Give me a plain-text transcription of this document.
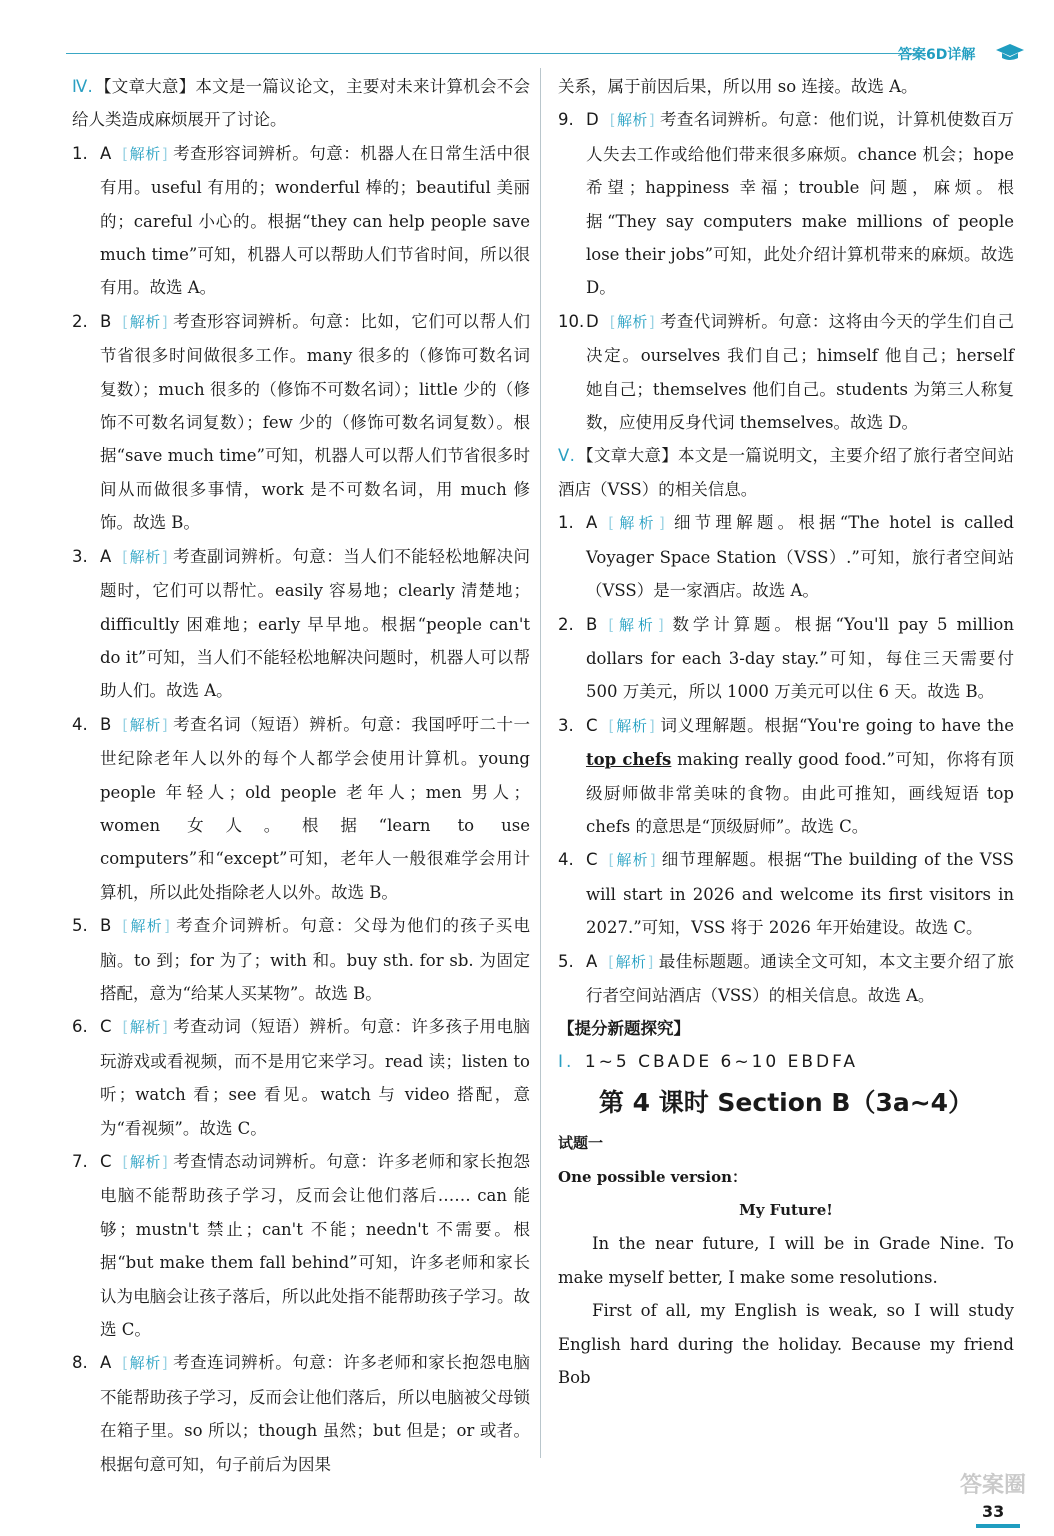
答案6D详解

Ⅳ. 【文章大意】本文是一篇议论文，主要对未来计算机会不会给人类造成麻烦展开了讨论。

1. A [ 解析 ] 考查形容词辨析。句意：机器人在日常生活中很有用。useful 有用的；wonderful 棒的；beautiful 美丽的；careful 小心的。根据“they can help people save much time”可知，机器人可以帮助人们节省时间，所以很有用。故选 A。
2. B [ 解析 ] 考查形容词辨析。句意：比如，它们可以帮人们节省很多时间做很多工作。many 很多的（修饰可数名词复数）；much 很多的（修饰不可数名词）；little 少的（修饰不可数名词复数）；few 少的（修饰可数名词复数）。根据“save much time”可知，机器人可以帮人们节省很多时间从而做很多事情，work 是不可数名词，用 much 修饰。故选 B。
3. A [ 解析 ] 考查副词辨析。句意：当人们不能轻松地解决问题时，它们可以帮忙。easily 容易地；clearly 清楚地；difficultly 困难地；early 早早地。根据“people can't do it”可知，当人们不能轻松地解决问题时，机器人可以帮助人们。故选 A。
4. B [ 解析 ] 考查名词（短语）辨析。句意：我国呼吁二十一世纪除老年人以外的每个人都学会使用计算机。young people 年轻人；old people 老年人；men 男人；women 女人。根据“learn to use computers”和“except”可知，老年人一般很难学会用计算机，所以此处指除老人以外。故选 B。
5. B [ 解析 ] 考查介词辨析。句意：父母为他们的孩子买电脑。to 到；for 为了；with 和。buy sth. for sb. 为固定搭配，意为“给某人买某物”。故选 B。
6. C [ 解析 ] 考查动词（短语）辨析。句意：许多孩子用电脑玩游戏或看视频，而不是用它来学习。read 读；listen to 听；watch 看；see 看见。watch 与 video 搭配，意为“看视频”。故选 C。
7. C [ 解析 ] 考查情态动词辨析。句意：许多老师和家长抱怨电脑不能帮助孩子学习，反而会让他们落后…… can 能够；mustn't 禁止；can't 不能；needn't 不需要。根据“but make them fall behind”可知，许多老师和家长认为电脑会让孩子落后，所以此处指不能帮助孩子学习。故选 C。
8. A [ 解析 ] 考查连词辨析。句意：许多老师和家长抱怨电脑不能帮助孩子学习，反而会让他们落后，所以电脑被父母锁在箱子里。so 所以；though 虽然；but 但是；or 或者。根据句意可知，句子前后为因果

关系，属于前因后果，所以用 so 连接。故选 A。

9. D [ 解析 ] 考查名词辨析。句意：他们说，计算机使数百万人失去工作或给他们带来很多麻烦。chance 机会；hope 希望；happiness 幸福；trouble 问题，麻烦。根据“They say computers make millions of people lose their jobs”可知，此处介绍计算机带来的麻烦。故选 D。
10. D [ 解析 ] 考查代词辨析。句意：这将由今天的学生们自己决定。ourselves 我们自己；himself 他自己；herself 她自己；themselves 他们自己。students 为第三人称复数，应使用反身代词 themselves。故选 D。

Ⅴ. 【文章大意】本文是一篇说明文，主要介绍了旅行者空间站酒店（VSS）的相关信息。

1. A [ 解析 ] 细节理解题。根据“The hotel is called Voyager Space Station（VSS）.”可知，旅行者空间站（VSS）是一家酒店。故选 A。
2. B [ 解析 ] 数学计算题。根据“You'll pay 5 million dollars for each 3-day stay.”可知，每住三天需要付 500 万美元，所以 1000 万美元可以住 6 天。故选 B。
3. C [ 解析 ] 词义理解题。根据“You're going to have the top chefs making really good food.”可知，你将有顶级厨师做非常美味的食物。由此可推知，画线短语 top chefs 的意思是“顶级厨师”。故选 C。
4. C [ 解析 ] 细节理解题。根据“The building of the VSS will start in 2026 and welcome its first visitors in 2027.”可知，VSS 将于 2026 年开始建设。故选 C。
5. A [ 解析 ] 最佳标题题。通读全文可知，本文主要介绍了旅行者空间站酒店（VSS）的相关信息。故选 A。

【提分新题探究】

Ⅰ. 1~5 CBADE 6~10 EBDFA

第 4 课时 Section B（3a~4）

试题一

One possible version：

My Future!

In the near future, I will be in Grade Nine. To make myself better, I make some resolutions.

First of all, my English is weak, so I will study English hard during the holiday. Because my friend Bob

答案圈
33
